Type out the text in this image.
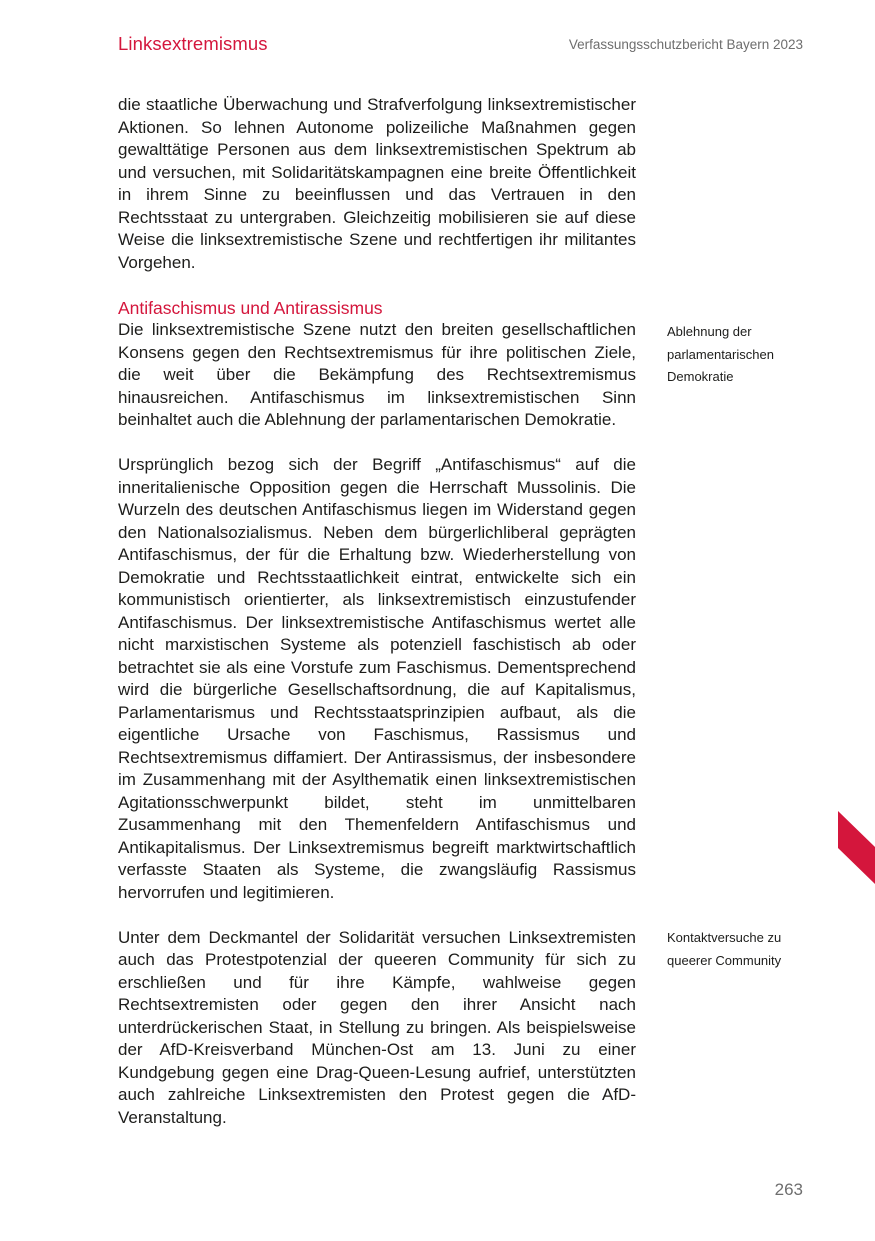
Linksextremismus	Verfassungsschutzbericht Bayern 2023

die staatliche Überwachung und Strafverfolgung linksextremistischer Aktionen. So lehnen Autonome polizeiliche Maßnahmen gegen gewalttätige Personen aus dem linksextremistischen Spektrum ab und versuchen, mit Solidaritätskampagnen eine breite Öffentlichkeit in ihrem Sinne zu beeinflussen und das Vertrauen in den Rechtsstaat zu untergraben. Gleichzeitig mobilisieren sie auf diese Weise die linksextremistische Szene und rechtfertigen ihr militantes Vorgehen.

Antifaschismus und Antirassismus

Die linksextremistische Szene nutzt den breiten gesellschaftlichen Konsens gegen den Rechtsextremismus für ihre politischen Ziele, die weit über die Bekämpfung des Rechtsextremismus hinausreichen. Antifaschismus im linksextremistischen Sinn beinhaltet auch die Ablehnung der parlamentarischen Demokratie.

Ursprünglich bezog sich der Begriff „Antifaschismus“ auf die inneritalienische Opposition gegen die Herrschaft Mussolinis. Die Wurzeln des deutschen Antifaschismus liegen im Widerstand gegen den Nationalsozialismus. Neben dem bürgerlichliberal geprägten Antifaschismus, der für die Erhaltung bzw. Wiederherstellung von Demokratie und Rechtsstaatlichkeit eintrat, entwickelte sich ein kommunistisch orientierter, als linksextremistisch einzustufender Antifaschismus. Der linksextremistische Antifaschismus wertet alle nicht marxistischen Systeme als potenziell faschistisch ab oder betrachtet sie als eine Vorstufe zum Faschismus. Dementsprechend wird die bürgerliche Gesellschaftsordnung, die auf Kapitalismus, Parlamentarismus und Rechtsstaatsprinzipien aufbaut, als die eigentliche Ursache von Faschismus, Rassismus und Rechtsextremismus diffamiert. Der Antirassismus, der insbesondere im Zusammenhang mit der Asylthematik einen linksextremistischen Agitationsschwerpunkt bildet, steht im unmittelbaren Zusammenhang mit den Themenfeldern Antifaschismus und Antikapitalismus. Der Linksextremismus begreift marktwirtschaftlich verfasste Staaten als Systeme, die zwangsläufig Rassismus hervorrufen und legitimieren.

Unter dem Deckmantel der Solidarität versuchen Linksextremisten auch das Protestpotenzial der queeren Community für sich zu erschließen und für ihre Kämpfe, wahlweise gegen Rechtsextremisten oder gegen den ihrer Ansicht nach unterdrückerischen Staat, in Stellung zu bringen. Als beispielsweise der AfD-Kreisverband München-Ost am 13. Juni zu einer Kundgebung gegen eine Drag-Queen-Lesung aufrief, unterstützten auch zahlreiche Linksextremisten den Protest gegen die AfD-Veranstaltung.

Ablehnung der
parlamentarischen
Demokratie
Kontaktversuche zu
queerer Community
263
